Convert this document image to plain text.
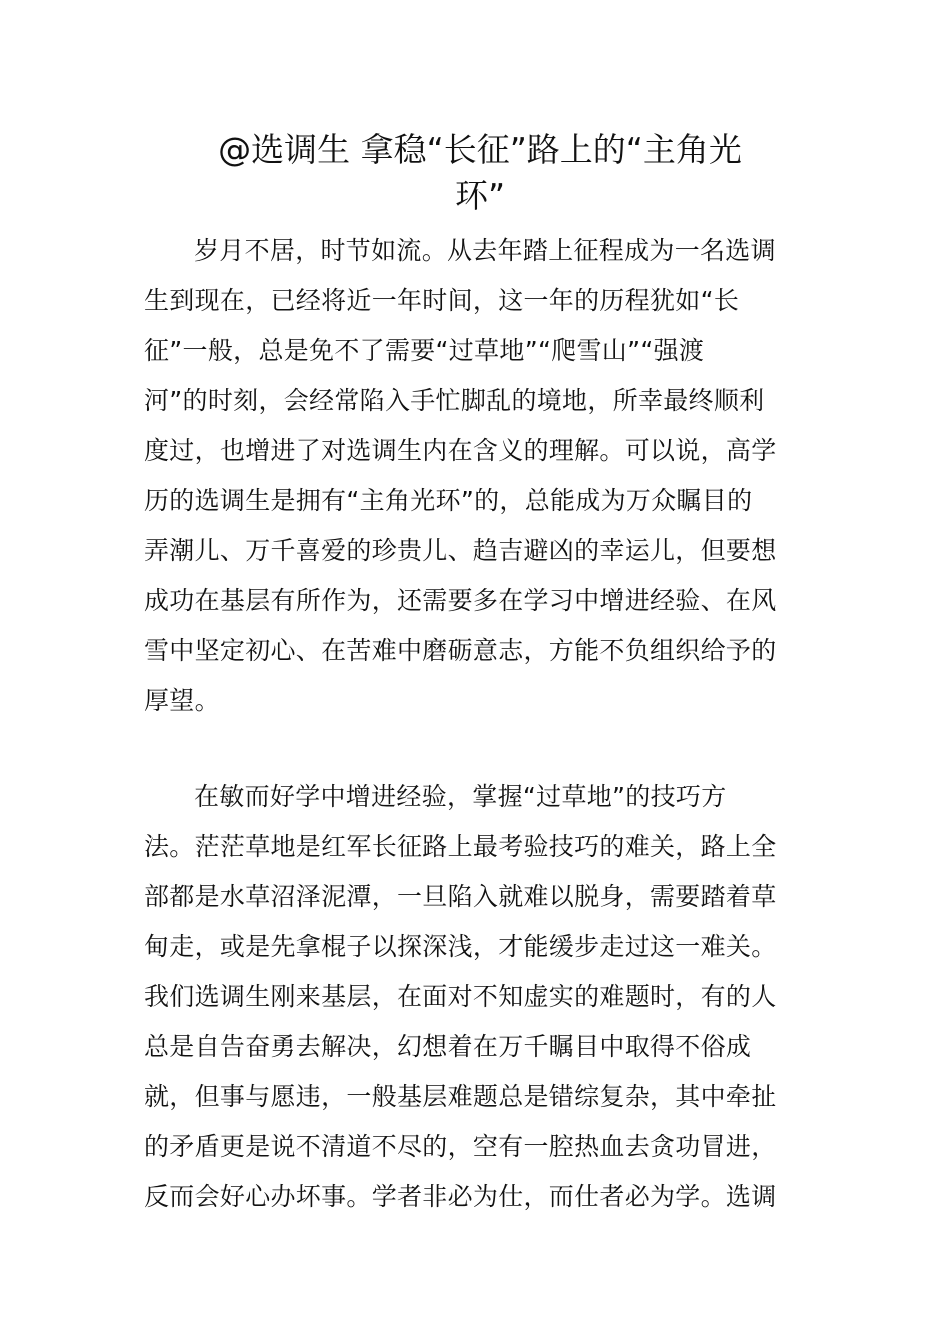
@选调生 拿稳“长征”路上的“主角光
环”
岁月不居，时节如流。从去年踏上征程成为一名选调
生到现在，已经将近一年时间，这一年的历程犹如“长
征”一般，总是免不了需要“过草地”“爬雪山”“强渡
河”的时刻，会经常陷入手忙脚乱的境地，所幸最终顺利
度过，也增进了对选调生内在含义的理解。可以说，高学
历的选调生是拥有“主角光环”的，总能成为万众瞩目的
弄潮儿、万千喜爱的珍贵儿、趋吉避凶的幸运儿，但要想
成功在基层有所作为，还需要多在学习中增进经验、在风
雪中坚定初心、在苦难中磨砺意志，方能不负组织给予的
厚望。
在敏而好学中增进经验，掌握“过草地”的技巧方
法。茫茫草地是红军长征路上最考验技巧的难关，路上全
部都是水草沼泽泥潭，一旦陷入就难以脱身，需要踏着草
甸走，或是先拿棍子以探深浅，才能缓步走过这一难关。
我们选调生刚来基层，在面对不知虚实的难题时，有的人
总是自告奋勇去解决，幻想着在万千瞩目中取得不俗成
就，但事与愿违，一般基层难题总是错综复杂，其中牵扯
的矛盾更是说不清道不尽的，空有一腔热血去贪功冒进，
反而会好心办坏事。学者非必为仕，而仕者必为学。选调
